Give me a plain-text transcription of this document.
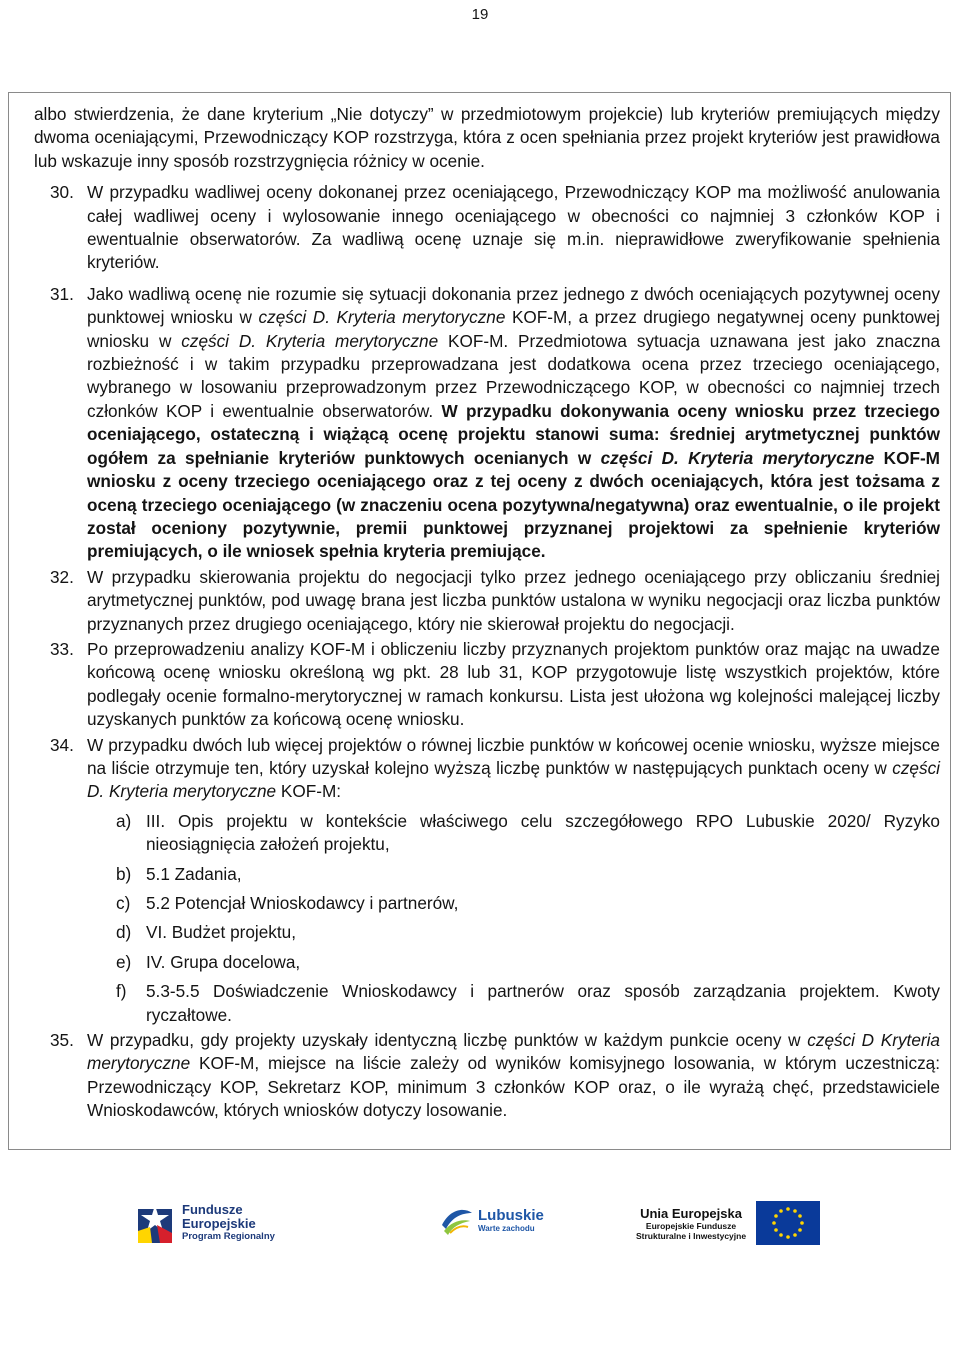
19

albo stwierdzenia, że dane kryterium „Nie dotyczy” w przedmiotowym projekcie) lub kryteriów premiujących między dwoma oceniającymi, Przewodniczący KOP rozstrzyga, która z ocen spełniania przez projekt kryteriów jest prawidłowa lub wskazuje inny sposób rozstrzygnięcia różnicy w ocenie.

30. W przypadku wadliwej oceny dokonanej przez oceniającego, Przewodniczący KOP ma możliwość anulowania całej wadliwej oceny i wylosowanie innego oceniającego w obecności co najmniej 3 członków KOP i ewentualnie obserwatorów. Za wadliwą ocenę uznaje się m.in. nieprawidłowe zweryfikowanie spełnienia kryteriów.
31. Jako wadliwą ocenę nie rozumie się sytuacji dokonania przez jednego z dwóch oceniających pozytywnej oceny punktowej wniosku w części D. Kryteria merytoryczne KOF-M, a przez drugiego negatywnej oceny punktowej wniosku w części D. Kryteria merytoryczne KOF-M. Przedmiotowa sytuacja uznawana jest jako znaczna rozbieżność i w takim przypadku przeprowadzana jest dodatkowa ocena przez trzeciego oceniającego, wybranego w losowaniu przeprowadzonym przez Przewodniczącego KOP, w obecności co najmniej trzech członków KOP i ewentualnie obserwatorów. W przypadku dokonywania oceny wniosku przez trzeciego oceniającego, ostateczną i wiążącą ocenę projektu stanowi suma: średniej arytmetycznej punktów ogółem za spełnianie kryteriów punktowych ocenianych w części D. Kryteria merytoryczne KOF-M wniosku z oceny trzeciego oceniającego oraz z tej oceny z dwóch oceniających, która jest tożsama z oceną trzeciego oceniającego (w znaczeniu ocena pozytywna/negatywna) oraz ewentualnie, o ile projekt został oceniony pozytywnie, premii punktowej przyznanej projektowi za spełnienie kryteriów premiujących, o ile wniosek spełnia kryteria premiujące.
32. W przypadku skierowania projektu do negocjacji tylko przez jednego oceniającego przy obliczaniu średniej arytmetycznej punktów, pod uwagę brana jest liczba punktów ustalona w wyniku negocjacji oraz liczba punktów przyznanych przez drugiego oceniającego, który nie skierował projektu do negocjacji.
33. Po przeprowadzeniu analizy KOF-M i obliczeniu liczby przyznanych projektom punktów oraz mając na uwadze końcową ocenę wniosku określoną wg pkt. 28 lub 31, KOP przygotowuje listę wszystkich projektów, które podlegały ocenie formalno-merytorycznej w ramach konkursu. Lista jest ułożona wg kolejności malejącej liczby uzyskanych punktów za końcową ocenę wniosku.
34. W przypadku dwóch lub więcej projektów o równej liczbie punktów w końcowej ocenie wniosku, wyższe miejsce na liście otrzymuje ten, który uzyskał kolejno wyższą liczbę punktów w następujących punktach oceny w części D. Kryteria merytoryczne KOF-M:
a) III. Opis projektu w kontekście właściwego celu szczegółowego RPO Lubuskie 2020/ Ryzyko nieosiągnięcia założeń projektu,
b) 5.1 Zadania,
c) 5.2 Potencjał Wnioskodawcy i partnerów,
d) VI. Budżet projektu,
e) IV. Grupa docelowa,
f) 5.3-5.5 Doświadczenie Wnioskodawcy i partnerów oraz sposób zarządzania projektem. Kwoty ryczałtowe.
35. W przypadku, gdy projekty uzyskały identyczną liczbę punktów w każdym punkcie oceny w części D Kryteria merytoryczne KOF-M, miejsce na liście zależy od wyników komisyjnego losowania, w którym uczestniczą: Przewodniczący KOP, Sekretarz KOP, minimum 3 członków KOP oraz, o ile wyrażą chęć, przedstawiciele Wnioskodawców, których wniosków dotyczy losowanie.
Fundusze
Europejskie
Program Regionalny
Lubuskie
Warte zachodu
Unia Europejska
Europejskie Fundusze
Strukturalne i Inwestycyjne
